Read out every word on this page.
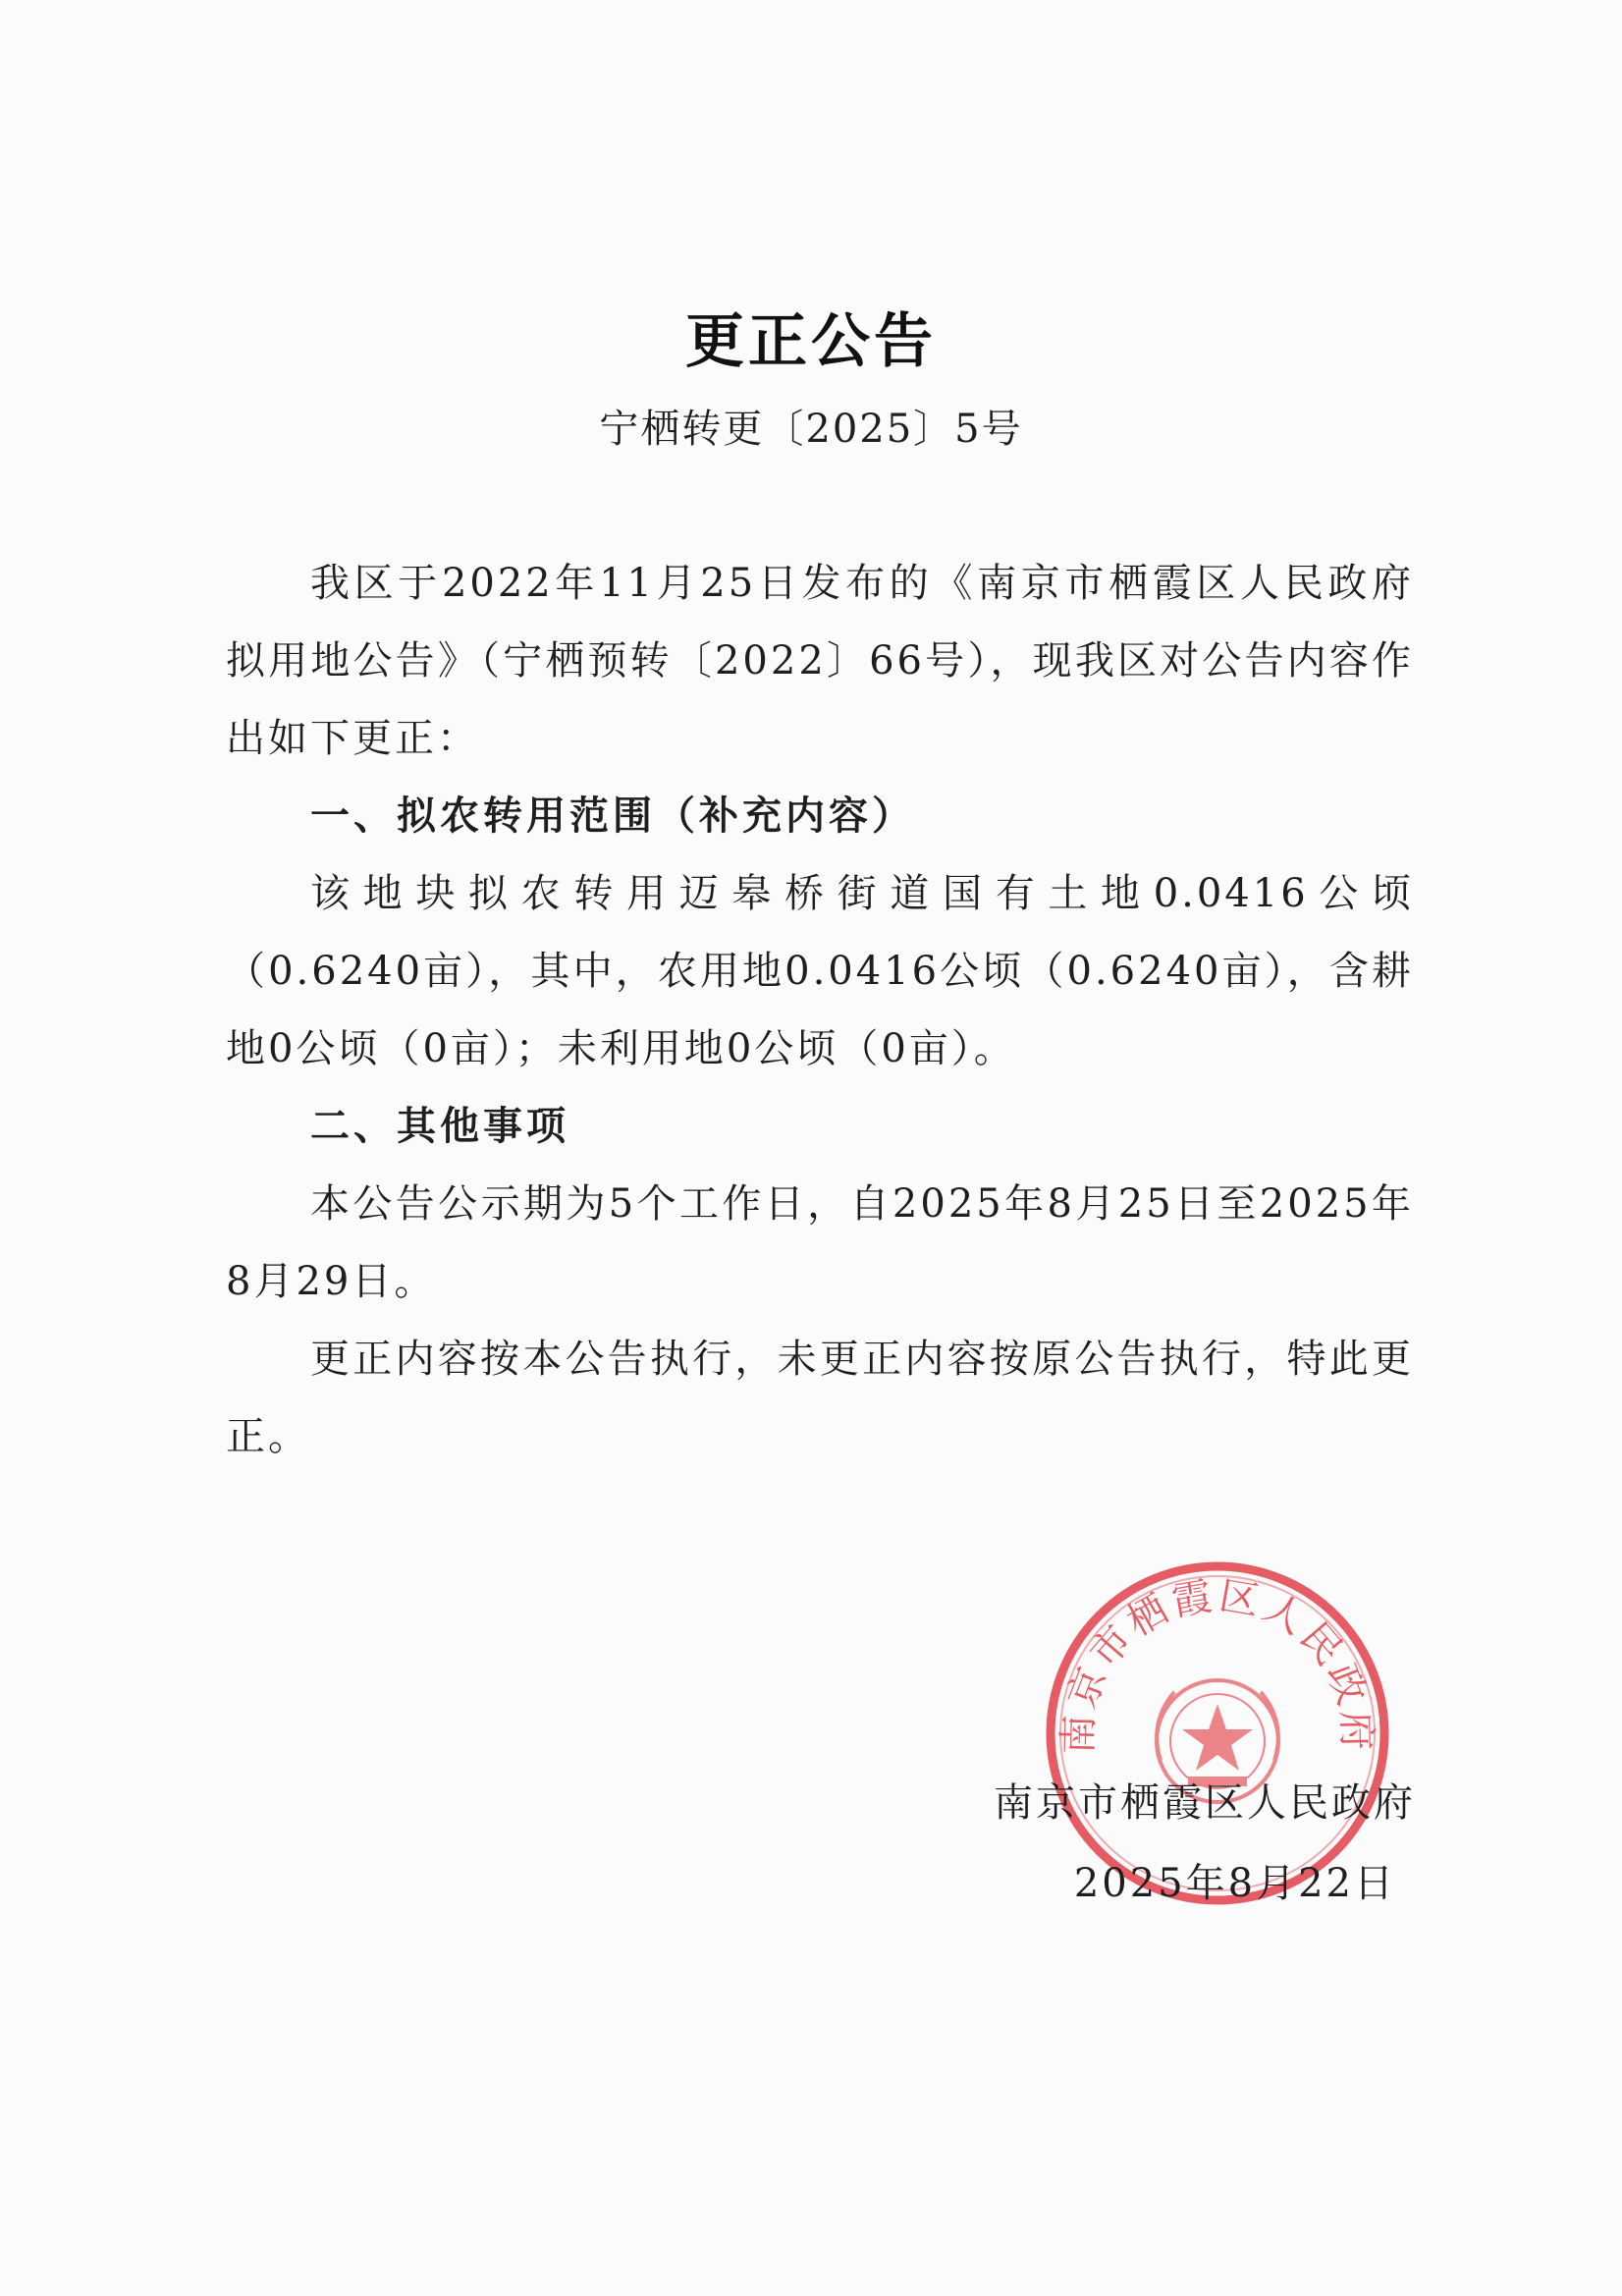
更正公告
宁栖转更〔2025〕5号

我区于2022年11月25日发布的《南京市栖霞区人民政府拟用地公告》（宁栖预转〔2022〕66号），现我区对公告内容作出如下更正：

一、拟农转用范围（补充内容）

该地块拟农转用迈皋桥街道国有土地0.0416公顷（0.6240亩），其中，农用地0.0416公顷（0.6240亩），含耕地0公顷（0亩）；未利用地0公顷（0亩）。

二、其他事项

本公告公示期为5个工作日，自2025年8月25日至2025年8月29日。

更正内容按本公告执行，未更正内容按原公告执行，特此更正。

南京市栖霞区人民政府
南京市栖霞区人民政府
2025年8月22日
